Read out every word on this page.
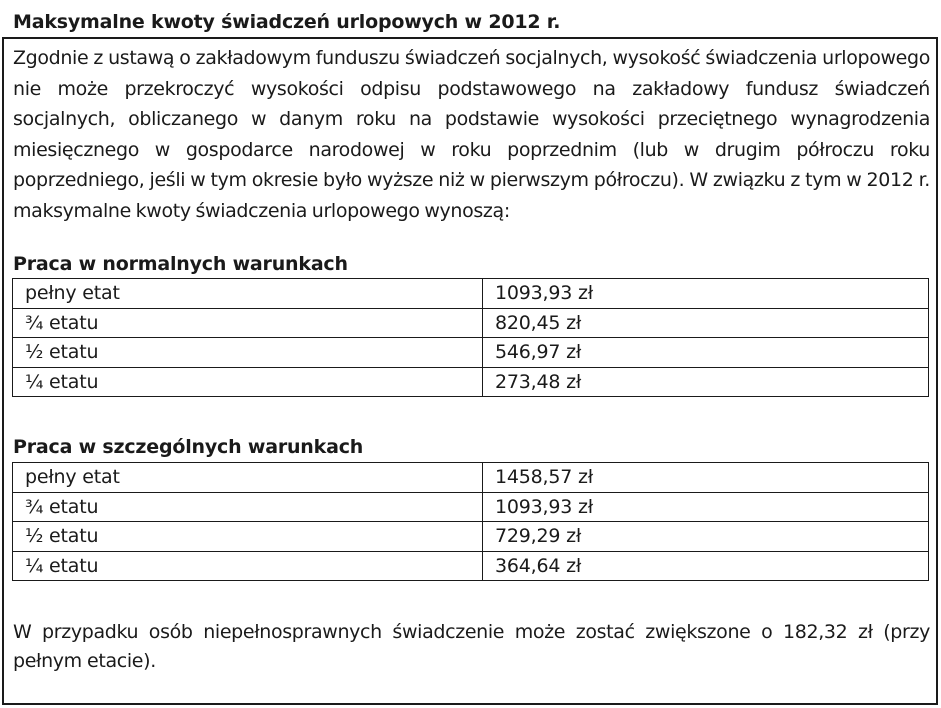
Maksymalne kwoty świadczeń urlopowych w 2012 r.

Zgodnie z ustawą o zakładowym funduszu świadczeń socjalnych, wysokość świadczenia urlopowego nie może przekroczyć wysokości odpisu podstawowego na zakładowy fundusz świadczeń socjalnych, obliczanego w danym roku na podstawie wysokości przeciętnego wynagrodzenia miesięcznego w gospodarce narodowej w roku poprzednim (lub w drugim półroczu roku poprzedniego, jeśli w tym okresie było wyższe niż w pierwszym półroczu). W związku z tym w 2012 r. maksymalne kwoty świadczenia urlopowego wynoszą:

Praca w normalnych warunkach
pełny etat	1093,93 zł
¾ etatu	820,45 zł
½ etatu	546,97 zł
¼ etatu	273,48 zł
Praca w szczególnych warunkach
pełny etat	1458,57 zł
¾ etatu	1093,93 zł
½ etatu	729,29 zł
¼ etatu	364,64 zł

W przypadku osób niepełnosprawnych świadczenie może zostać zwiększone o 182,32 zł (przy pełnym etacie).
